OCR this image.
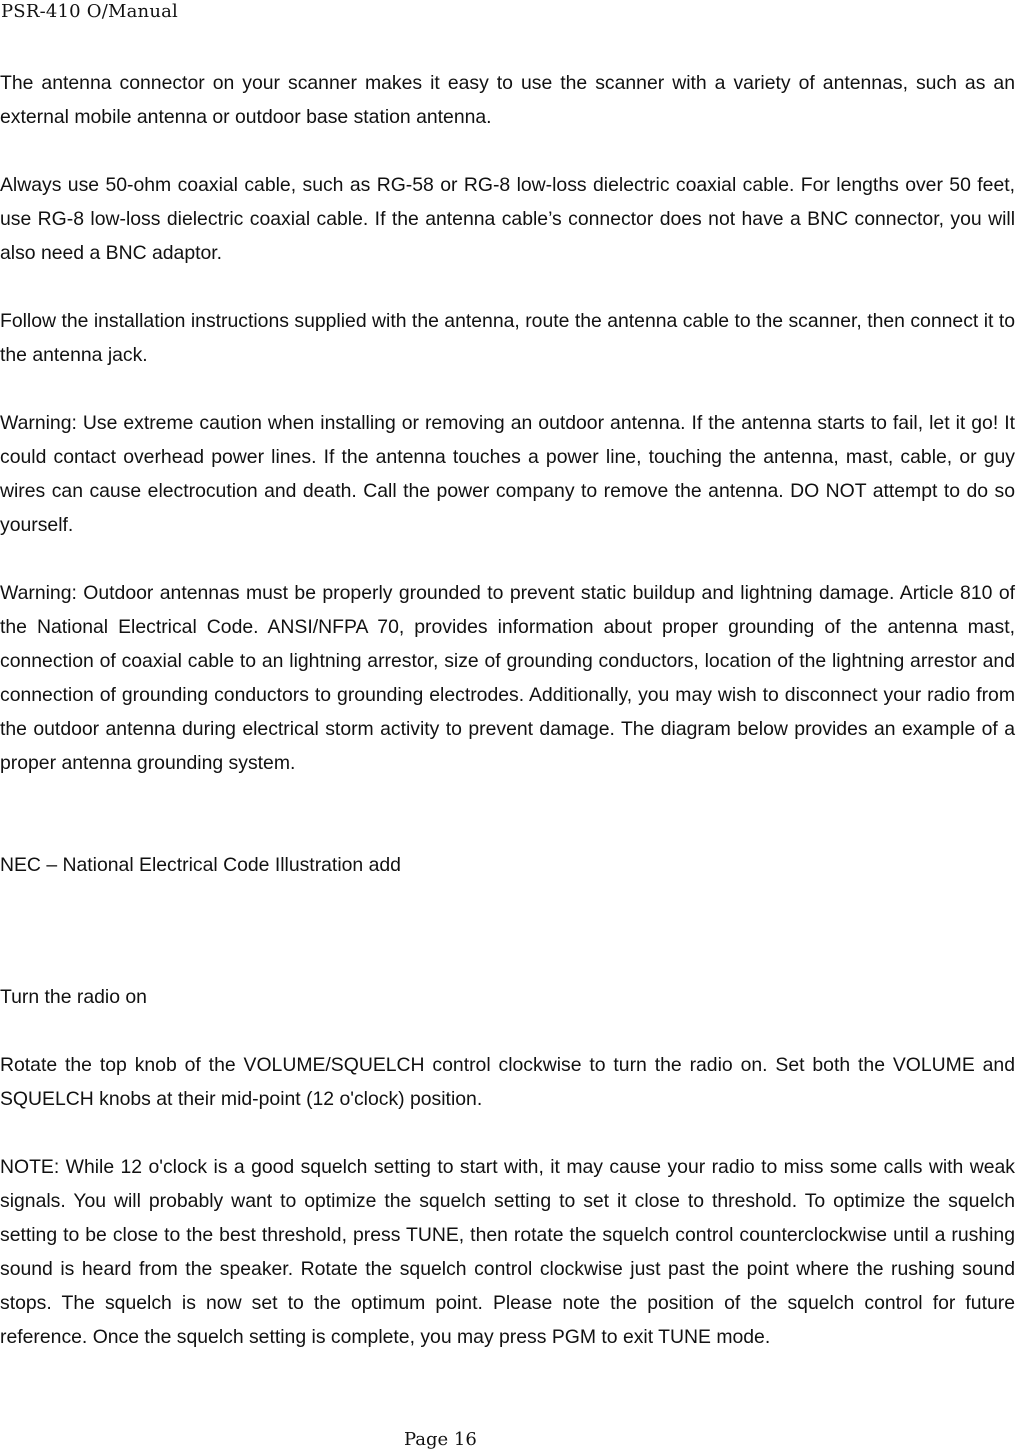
PSR-410 O/Manual

The antenna connector on your scanner makes it easy to use the scanner with a variety of antennas, such as an external mobile antenna or outdoor base station antenna.

Always use 50-ohm coaxial cable, such as RG-58 or RG-8 low-loss dielectric coaxial cable. For lengths over 50 feet, use RG-8 low-loss dielectric coaxial cable. If the antenna cable’s connector does not have a BNC connector, you will also need a BNC adaptor.

Follow the installation instructions supplied with the antenna, route the antenna cable to the scanner, then connect it to the antenna jack.

Warning: Use extreme caution when installing or removing an outdoor antenna. If the antenna starts to fail, let it go! It could contact overhead power lines. If the antenna touches a power line, touching the antenna, mast, cable, or guy wires can cause electrocution and death. Call the power company to remove the antenna. DO NOT attempt to do so yourself.

Warning: Outdoor antennas must be properly grounded to prevent static buildup and lightning damage. Article 810 of the National Electrical Code. ANSI/NFPA 70, provides information about proper grounding of the antenna mast, connection of coaxial cable to an lightning arrestor, size of grounding conductors, location of the lightning arrestor and connection of grounding conductors to grounding electrodes. Additionally, you may wish to disconnect your radio from the outdoor antenna during electrical storm activity to prevent damage. The diagram below provides an example of a proper antenna grounding system.

NEC – National Electrical Code Illustration add

Turn the radio on

Rotate the top knob of the VOLUME/SQUELCH control clockwise to turn the radio on. Set both the VOLUME and SQUELCH knobs at their mid-point (12 o'clock) position.

NOTE: While 12 o'clock is a good squelch setting to start with, it may cause your radio to miss some calls with weak signals. You will probably want to optimize the squelch setting to set it close to threshold. To optimize the squelch setting to be close to the best threshold, press TUNE, then rotate the squelch control counterclockwise until a rushing sound is heard from the speaker. Rotate the squelch control clockwise just past the point where the rushing sound stops. The squelch is now set to the optimum point. Please note the position of the squelch control for future reference. Once the squelch setting is complete, you may press PGM to exit TUNE mode.

Page 16
